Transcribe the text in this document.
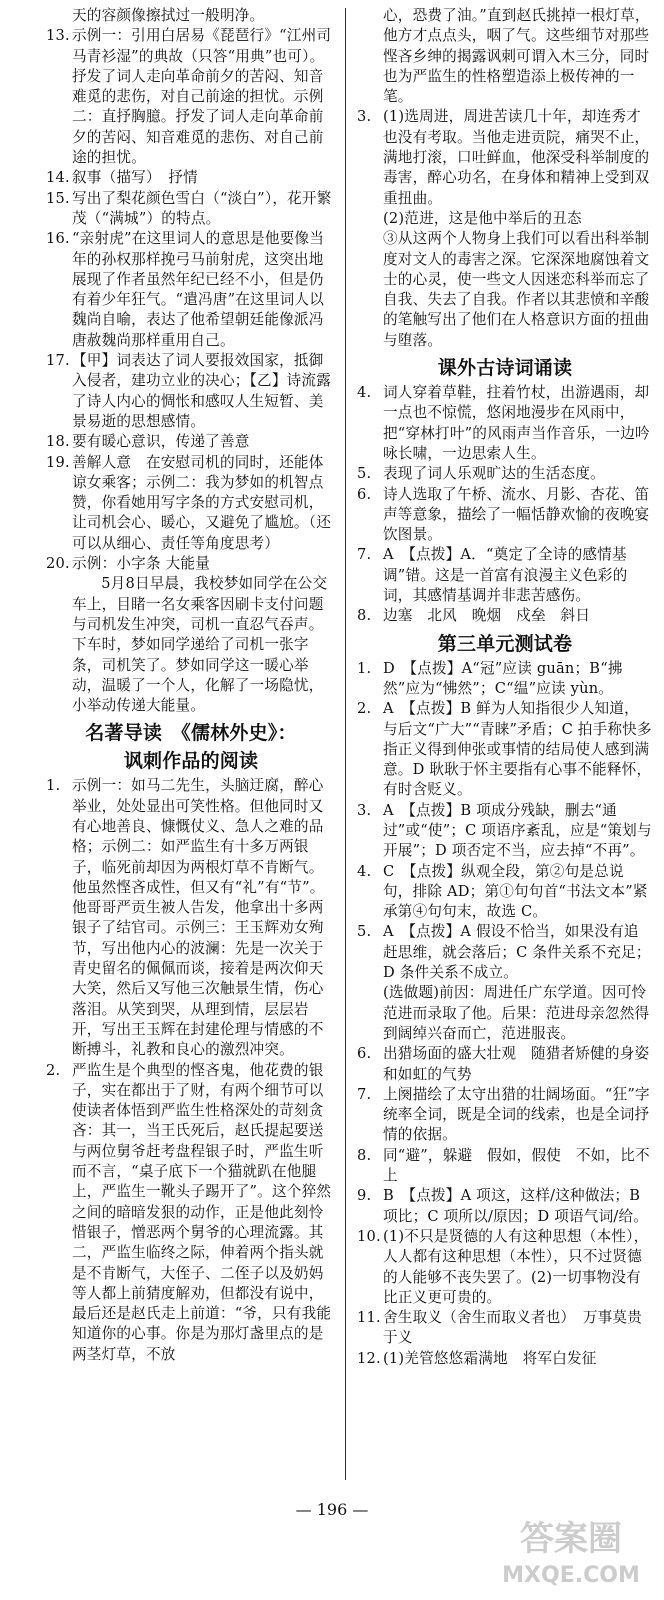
天的容颜像擦拭过一般明净。

13. 示例一：引用白居易《琵琶行》“江州司马青衫湿”的典故（只答“用典”也可）。抒发了词人走向革命前夕的苦闷、知音难觅的悲伤，对自己前途的担忧。示例二：直抒胸臆。抒发了词人走向革命前夕的苦闷、知音难觅的悲伤、对自己前途的担忧。
14. 叙事（描写）　抒情
15. 写出了梨花颜色雪白（“淡白”），花开繁茂（“满城”）的特点。
16. “亲射虎”在这里词人的意思是他要像当年的孙权那样挽弓马前射虎，这突出地展现了作者虽然年纪已经不小，但是仍有着少年狂气。“遣冯唐”在这里词人以魏尚自喻，表达了他希望朝廷能像派冯唐赦魏尚那样重用自己。
17. 【甲】词表达了词人要报效国家，抵御入侵者，建功立业的决心；【乙】诗流露了诗人内心的惆怅和感叹人生短暂、美景易逝的思想感情。
18. 要有暖心意识，传递了善意
19. 善解人意　在安慰司机的同时，还能体谅女乘客；示例二：我为梦如的机智点赞，你看她用写字条的方式安慰司机，让司机会心、暖心，又避免了尴尬。（还可以从细心、责任等角度思考）
20. 示例：小字条 大能量

5月8日早晨，我校梦如同学在公交车上，目睹一名女乘客因刷卡支付问题与司机发生冲突，司机一直忍气吞声。下车时，梦如同学递给了司机一张字条，司机笑了。梦如同学这一暖心举动，温暖了一个人，化解了一场隐忧，小举动传递大能量。

名著导读　《儒林外史》：
讽刺作品的阅读
1. 示例一：如马二先生，头脑迂腐，醉心举业，处处显出可笑性格。但他同时又有心地善良、慷慨仗义、急人之难的品格；示例二：如严监生有十多万两银子，临死前却因为两根灯草不肯断气。他虽然悭吝成性，但又有“礼”有“节”。他哥哥严贡生被人告发，他拿出十多两银子了结官司。示例三：王玉辉劝女殉节，写出他内心的波澜：先是一次关于青史留名的佩佩而谈，接着是两次仰天大笑，然后又写他三次触景生情，伤心落泪。从笑到哭，从理到情，层层岩开，写出王玉辉在封建伦理与情感的不断搏斗，礼教和良心的激烈冲突。
2. 严监生是个典型的悭吝鬼，他花费的银子，实在都出于了财，有两个细节可以使读者体悟到严监生性格深处的苛刻贪吝：其一，当王氏死后，赵氏提起要送与两位舅爷赶考盘程银子时，严监生听而不言，“桌子底下一个猫就趴在他腿上，严监生一靴头子踢开了”。这个猝然之间的暗暗发狠的动作，正是他此刻怜惜银子，憎恶两个舅爷的心理流露。其二，严监生临终之际，伸着两个指头就是不肯断气，大侄子、二侄子以及奶妈等人都上前猜度解劝，但都没有说中，最后还是赵氏走上前道：“爷，只有我能知道你的心事。你是为那灯盏里点的是两茎灯草，不放

心，恐费了油。”直到赵氏挑掉一根灯草，他方才点点头，咽了气。这些细节对那些悭吝乡绅的揭露讽刺可谓入木三分，同时也为严监生的性格塑造添上极传神的一笔。

3. (1)选周进，周进苦读几十年，却连秀才也没有考取。当他走进贡院，痛哭不止，满地打滚，口吐鲜血，他深受科举制度的毒害，醉心功名，在身体和精神上受到双重扭曲。
(2)范进，这是他中举后的丑态
③从这两个人物身上我们可以看出科举制度对文人的毒害之深。它深深地腐蚀着文士的心灵，使一些文人因迷恋科举而忘了自我、失去了自我。作者以其悲愤和辛酸的笔触写出了他们在人格意识方面的扭曲与堕落。
课外古诗词诵读
4. 词人穿着草鞋，拄着竹杖，出游遇雨，却一点也不惊慌，悠闲地漫步在风雨中，把“穿林打叶”的风雨声当作音乐，一边吟咏长啸，一边思索人生。
5. 表现了词人乐观旷达的生活态度。
6. 诗人选取了午桥、流水、月影、杏花、笛声等意象，描绘了一幅恬静欢愉的夜晚宴饮图景。
7. A　【点拨】A．“奠定了全诗的感情基调”错。这是一首富有浪漫主义色彩的词，其感情基调并非悲苦感伤。
8. 边塞　北风　晚烟　戍垒　斜日
第三单元测试卷
1. D　【点拨】A“冠”应读 guān；B“拂然”应为“怫然”；C“缊”应读 yùn。
2. A　【点拨】B 鲜为人知指很少人知道，与后文“广大”“青睐”矛盾；C 拍手称快多指正义得到伸张或事情的结局使人感到满意。D 耿耿于怀主要指有心事不能释怀，有时含贬义。
3. A　【点拨】B 项成分残缺，删去“通过”或“使”；C 项语序紊乱，应是“策划与开展”；D 项否定不当，应去掉“不再”。
4. C　【点拨】纵观全段，第②句是总说句，排除 AD；第①句句首“书法文本”紧承第④句句末，故选 C。
5. A　【点拨】A 假设不恰当，如果没有追赶思维，就会落后；C 条件关系不充足；D 条件关系不成立。
(选做题)前因：周进任广东学道。因可怜范进而录取了他。后果：范进母亲忽然得到阔绰兴奋而亡，范进服丧。
6. 出猎场面的盛大壮观　随猎者矫健的身姿和如虹的气势
7. 上阕描绘了太守出猎的壮阔场面。“狂”字统率全词，既是全词的线索，也是全词抒情的依据。
8. 同“避”，躲避　假如，假使　不如，比不上
9. B　【点拨】A 项这，这样/这种做法；B 项比；C 项所以/原因；D 项语气词/给。
10. (1)不只是贤德的人有这种思想（本性），人人都有这种思想（本性），只不过贤德的人能够不丧失罢了。(2)一切事物没有比正义更可贵的。
11. 舍生取义（舍生而取义者也）　万事莫贵于义
12. (1)羌管悠悠霜满地　将军白发征
— 196 —
答案圈
MXQE.COM
